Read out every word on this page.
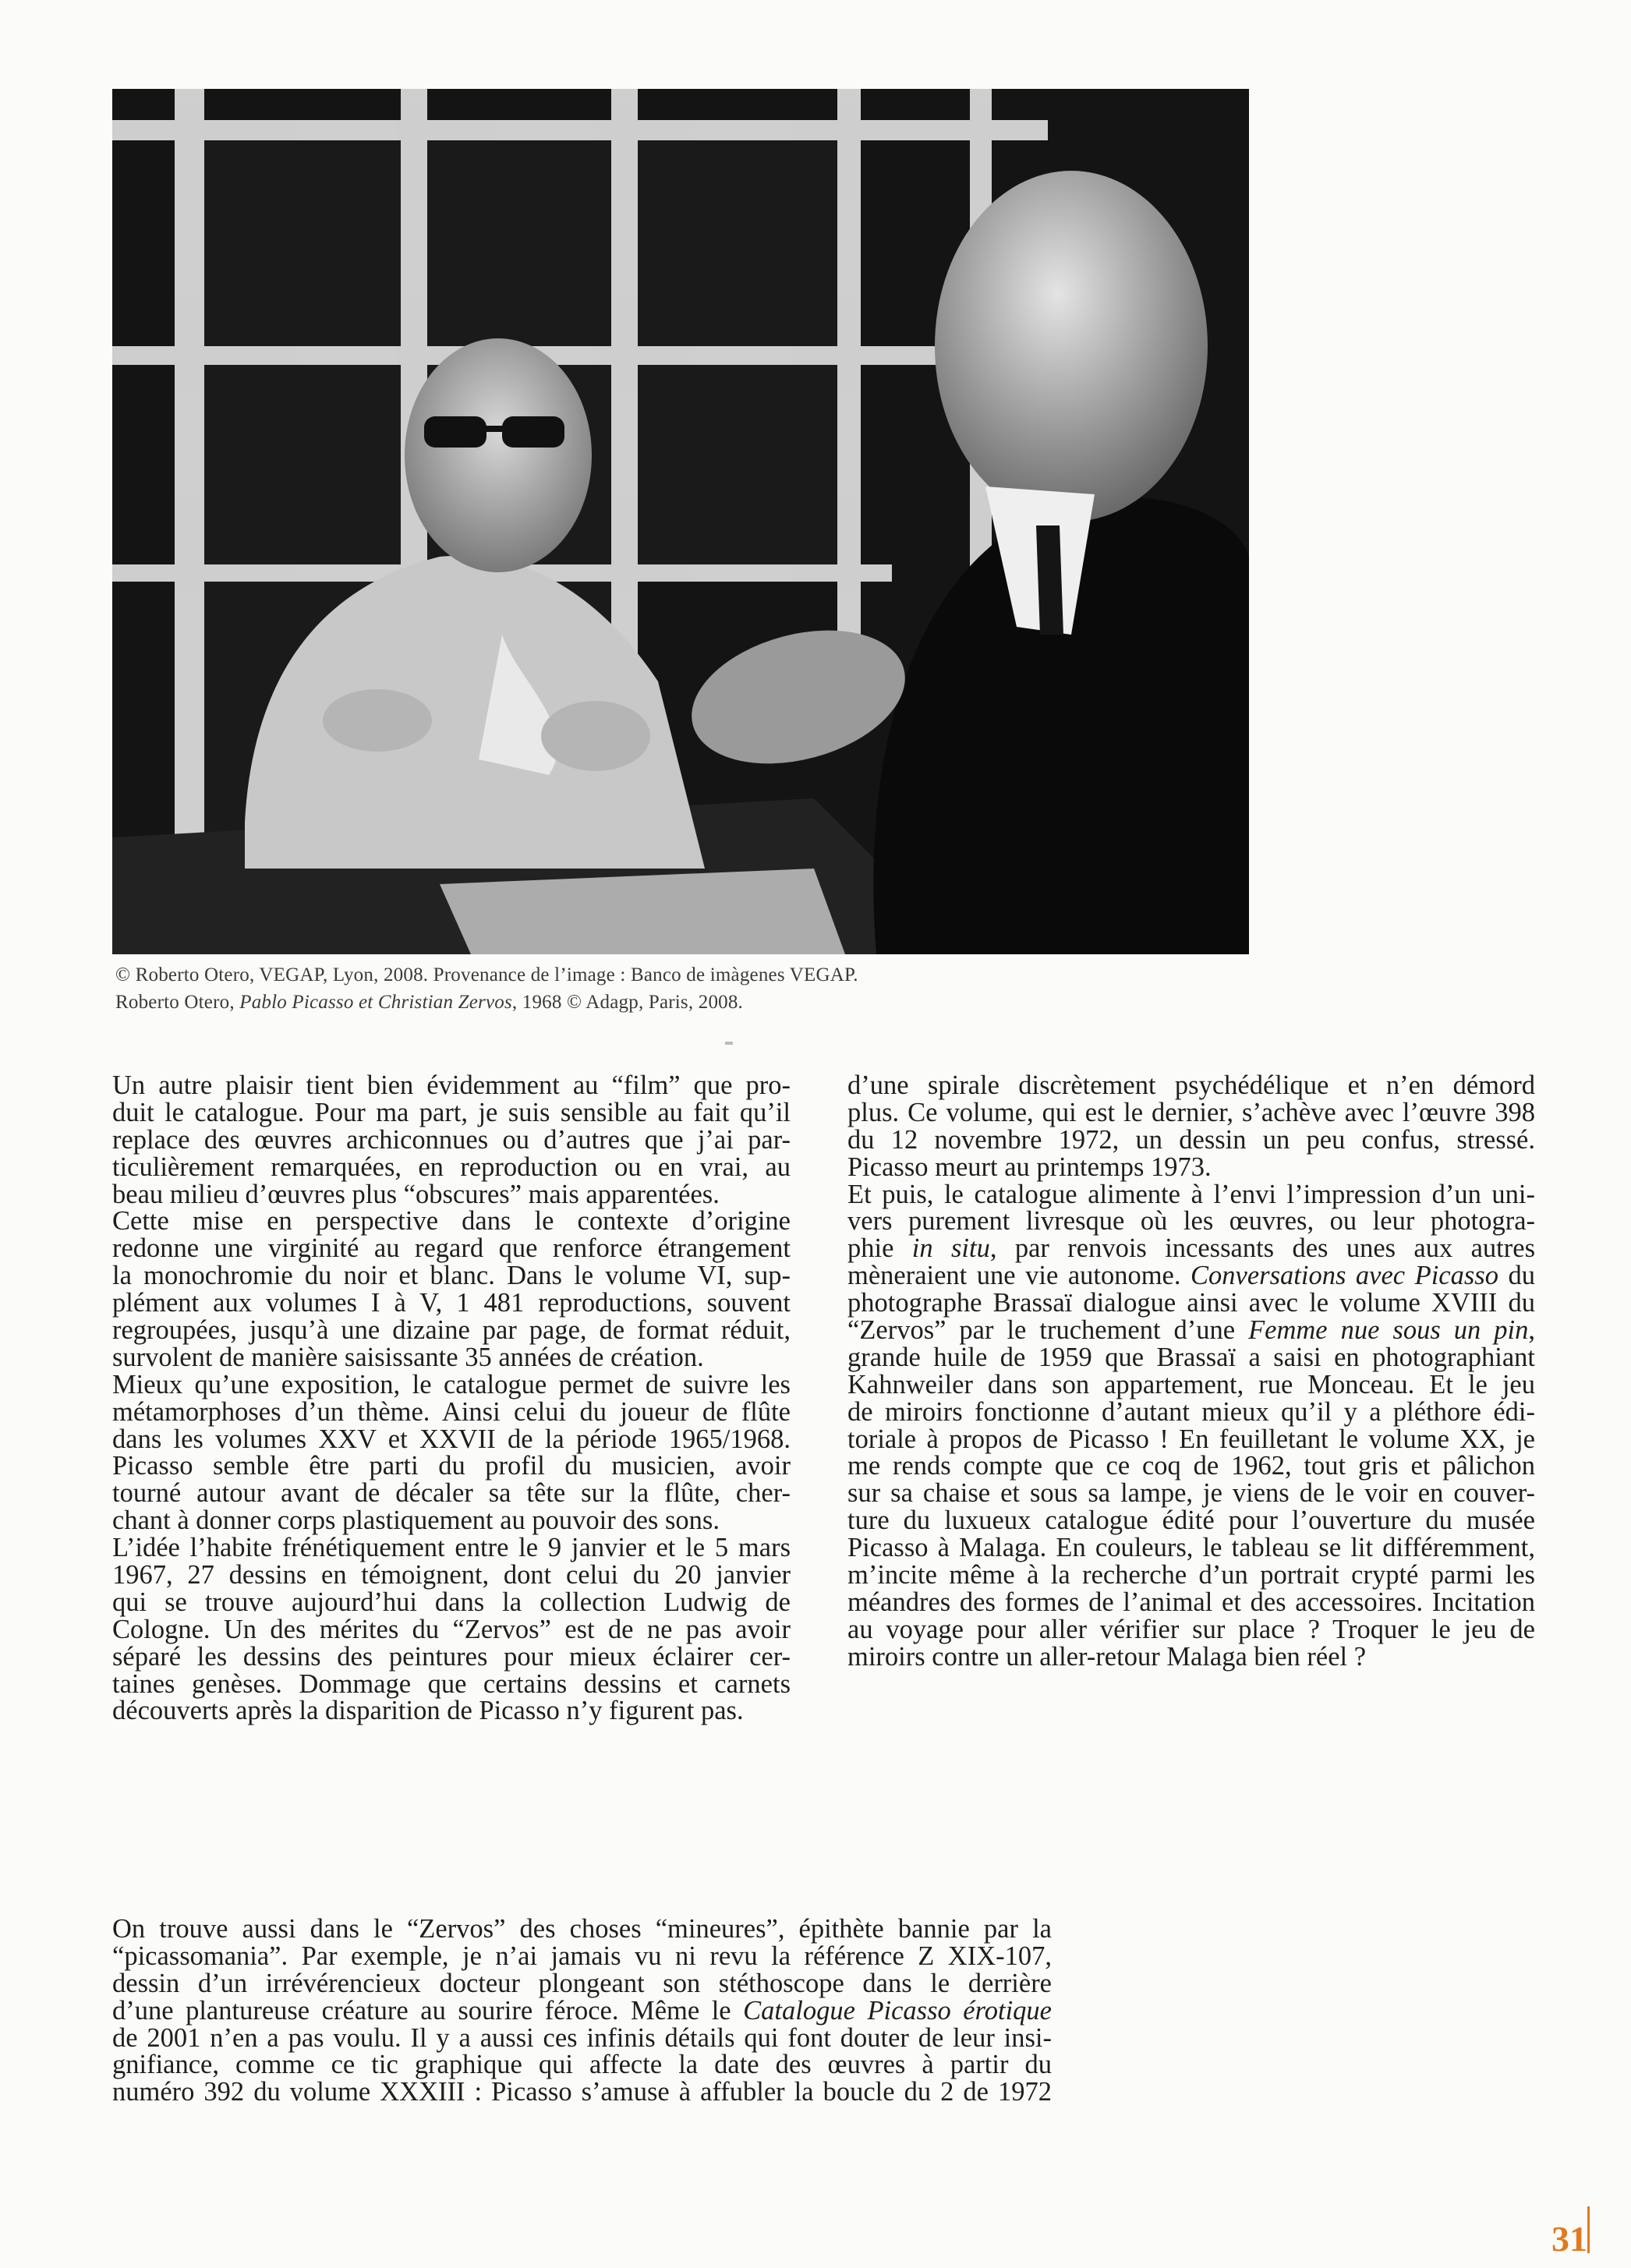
© Roberto Otero, VEGAP, Lyon, 2008. Provenance de l’image : Banco de imàgenes VEGAP.
Roberto Otero, Pablo Picasso et Christian Zervos, 1968 © Adagp, Paris, 2008.
Un autre plaisir tient bien évidemment au “film” que pro-
duit le catalogue. Pour ma part, je suis sensible au fait qu’il
replace des œuvres archiconnues ou d’autres que j’ai par-
ticulièrement remarquées, en reproduction ou en vrai, au
beau milieu d’œuvres plus “obscures” mais apparentées.
Cette mise en perspective dans le contexte d’origine
redonne une virginité au regard que renforce étrangement
la monochromie du noir et blanc. Dans le volume VI, sup-
plément aux volumes I à V, 1 481 reproductions, souvent
regroupées, jusqu’à une dizaine par page, de format réduit,
survolent de manière saisissante 35 années de création.
Mieux qu’une exposition, le catalogue permet de suivre les
métamorphoses d’un thème. Ainsi celui du joueur de flûte
dans les volumes XXV et XXVII de la période 1965/1968.
Picasso semble être parti du profil du musicien, avoir
tourné autour avant de décaler sa tête sur la flûte, cher-
chant à donner corps plastiquement au pouvoir des sons.
L’idée l’habite frénétiquement entre le 9 janvier et le 5 mars
1967, 27 dessins en témoignent, dont celui du 20 janvier
qui se trouve aujourd’hui dans la collection Ludwig de
Cologne. Un des mérites du “Zervos” est de ne pas avoir
séparé les dessins des peintures pour mieux éclairer cer-
taines genèses. Dommage que certains dessins et carnets
découverts après la disparition de Picasso n’y figurent pas.
d’une spirale discrètement psychédélique et n’en démord
plus. Ce volume, qui est le dernier, s’achève avec l’œuvre 398
du 12 novembre 1972, un dessin un peu confus, stressé.
Picasso meurt au printemps 1973.
Et puis, le catalogue alimente à l’envi l’impression d’un uni-
vers purement livresque où les œuvres, ou leur photogra-
phie in situ, par renvois incessants des unes aux autres
mèneraient une vie autonome. Conversations avec Picasso du
photographe Brassaï dialogue ainsi avec le volume XVIII du
“Zervos” par le truchement d’une Femme nue sous un pin,
grande huile de 1959 que Brassaï a saisi en photographiant
Kahnweiler dans son appartement, rue Monceau. Et le jeu
de miroirs fonctionne d’autant mieux qu’il y a pléthore édi-
toriale à propos de Picasso ! En feuilletant le volume XX, je
me rends compte que ce coq de 1962, tout gris et pâlichon
sur sa chaise et sous sa lampe, je viens de le voir en couver-
ture du luxueux catalogue édité pour l’ouverture du musée
Picasso à Malaga. En couleurs, le tableau se lit différemment,
m’incite même à la recherche d’un portrait crypté parmi les
méandres des formes de l’animal et des accessoires. Incitation
au voyage pour aller vérifier sur place ? Troquer le jeu de
miroirs contre un aller-retour Malaga bien réel ?
On trouve aussi dans le “Zervos” des choses “mineures”, épithète bannie par la
“picassomania”. Par exemple, je n’ai jamais vu ni revu la référence Z XIX-107,
dessin d’un irrévérencieux docteur plongeant son stéthoscope dans le derrière
d’une plantureuse créature au sourire féroce. Même le Catalogue Picasso érotique
de 2001 n’en a pas voulu. Il y a aussi ces infinis détails qui font douter de leur insi-
gnifiance, comme ce tic graphique qui affecte la date des œuvres à partir du
numéro 392 du volume XXXIII : Picasso s’amuse à affubler la boucle du 2 de 1972
31
